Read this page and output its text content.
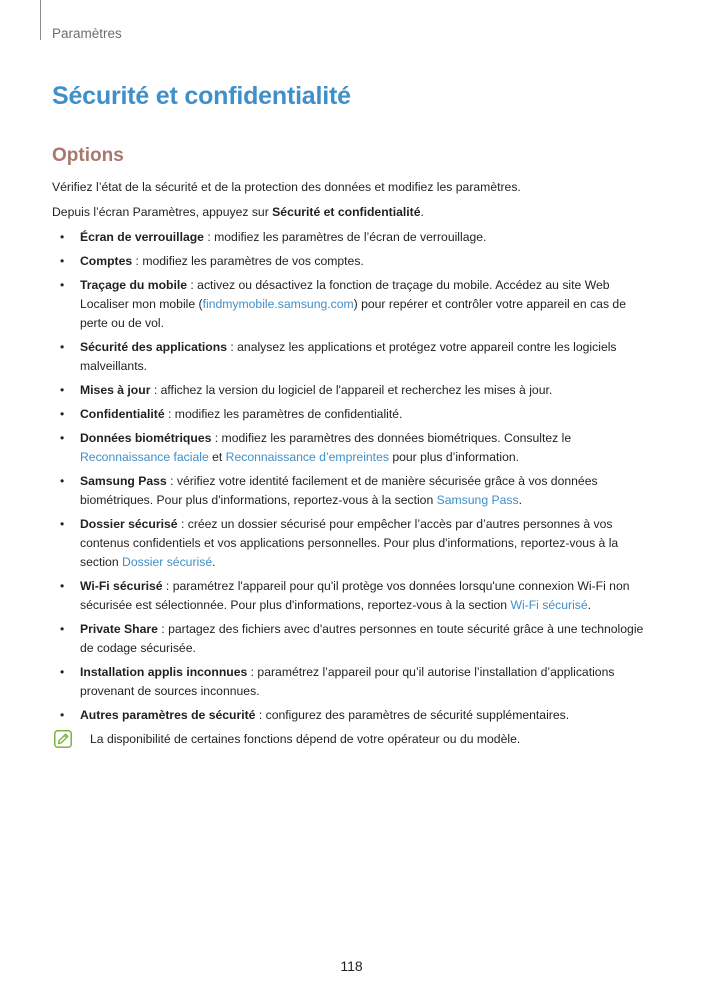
Paramètres
Sécurité et confidentialité
Options

Vérifiez l’état de la sécurité et de la protection des données et modifiez les paramètres.

Depuis l’écran Paramètres, appuyez sur Sécurité et confidentialité.

• Écran de verrouillage : modifiez les paramètres de l’écran de verrouillage.
• Comptes : modifiez les paramètres de vos comptes.
• Traçage du mobile : activez ou désactivez la fonction de traçage du mobile. Accédez au site Web Localiser mon mobile (findmymobile.samsung.com) pour repérer et contrôler votre appareil en cas de perte ou de vol.
• Sécurité des applications : analysez les applications et protégez votre appareil contre les logiciels malveillants.
• Mises à jour : affichez la version du logiciel de l'appareil et recherchez les mises à jour.
• Confidentialité : modifiez les paramètres de confidentialité.
• Données biométriques : modifiez les paramètres des données biométriques. Consultez le Reconnaissance faciale et Reconnaissance d’empreintes pour plus d’information.
• Samsung Pass : vérifiez votre identité facilement et de manière sécurisée grâce à vos données biométriques. Pour plus d'informations, reportez-vous à la section Samsung Pass.
• Dossier sécurisé : créez un dossier sécurisé pour empêcher l’accès par d’autres personnes à vos contenus confidentiels et vos applications personnelles. Pour plus d'informations, reportez-vous à la section Dossier sécurisé.
• Wi-Fi sécurisé : paramétrez l'appareil pour qu'il protège vos données lorsqu'une connexion Wi-Fi non sécurisée est sélectionnée. Pour plus d'informations, reportez-vous à la section Wi-Fi sécurisé.
• Private Share : partagez des fichiers avec d'autres personnes en toute sécurité grâce à une technologie de codage sécurisée.
• Installation applis inconnues : paramétrez l’appareil pour qu’il autorise l’installation d’applications provenant de sources inconnues.
• Autres paramètres de sécurité : configurez des paramètres de sécurité supplémentaires.
La disponibilité de certaines fonctions dépend de votre opérateur ou du modèle.
118
